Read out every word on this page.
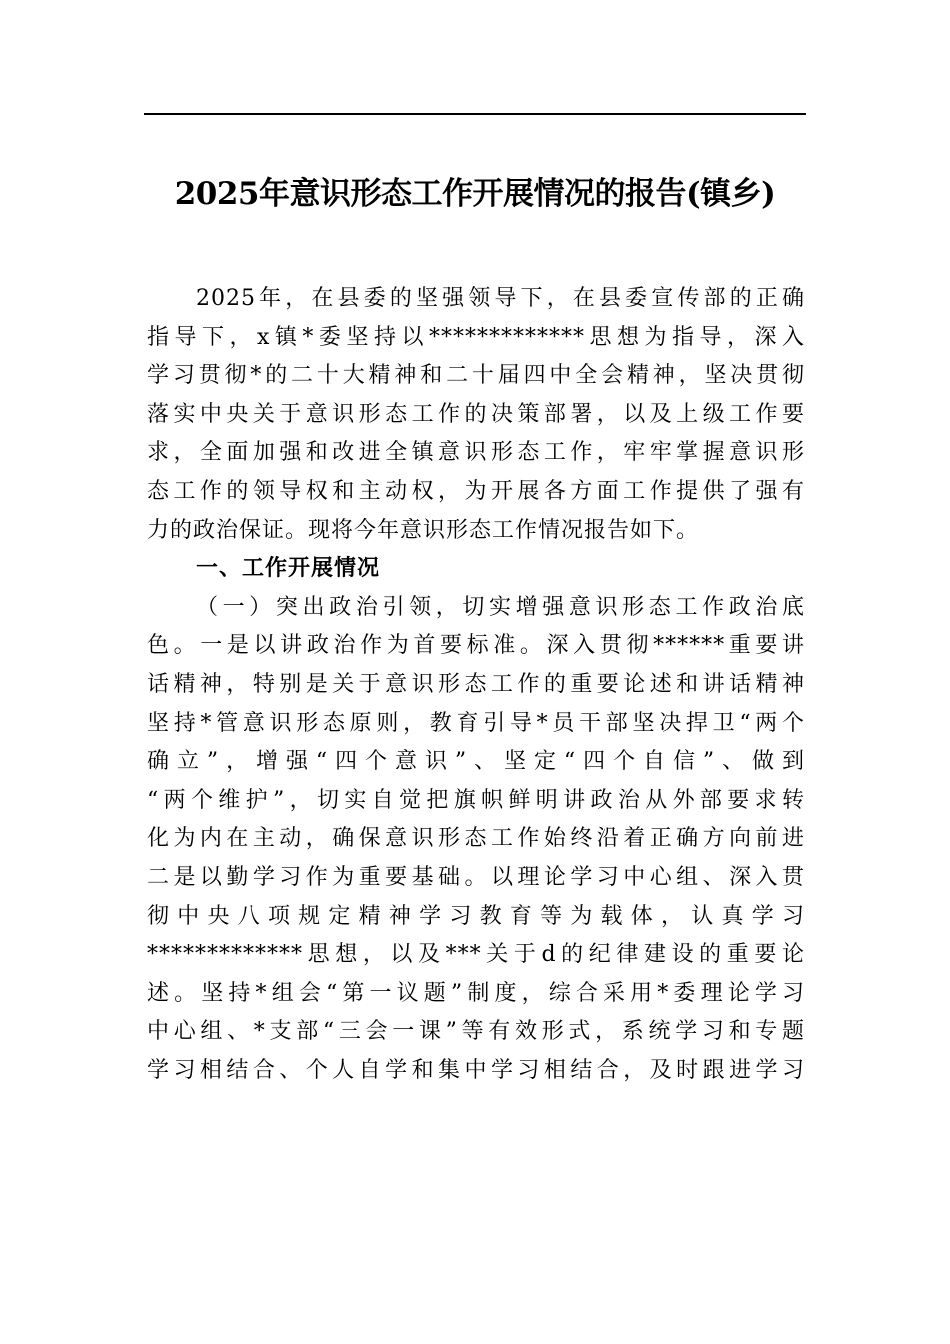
2025年意识形态工作开展情况的报告(镇乡)
2025年，在县委的坚强领导下，在县委宣传部的正确
指导下，x镇*委坚持以*************思想为指导，深入
学习贯彻*的二十大精神和二十届四中全会精神，坚决贯彻
落实中央关于意识形态工作的决策部署，以及上级工作要
求，全面加强和改进全镇意识形态工作，牢牢掌握意识形
态工作的领导权和主动权，为开展各方面工作提供了强有
力的政治保证。现将今年意识形态工作情况报告如下。
一、工作开展情况
（一）突出政治引领，切实增强意识形态工作政治底
色。一是以讲政治作为首要标准。深入贯彻******重要讲
话精神，特别是关于意识形态工作的重要论述和讲话精神
坚持*管意识形态原则，教育引导*员干部坚决捍卫“两个
确立”，增强“四个意识”、坚定“四个自信”、做到
“两个维护”，切实自觉把旗帜鲜明讲政治从外部要求转
化为内在主动，确保意识形态工作始终沿着正确方向前进
二是以勤学习作为重要基础。以理论学习中心组、深入贯
彻中央八项规定精神学习教育等为载体，认真学习
*************思想，以及***关于d的纪律建设的重要论
述。坚持*组会“第一议题”制度，综合采用*委理论学习
中心组、*支部“三会一课”等有效形式，系统学习和专题
学习相结合、个人自学和集中学习相结合，及时跟进学习
